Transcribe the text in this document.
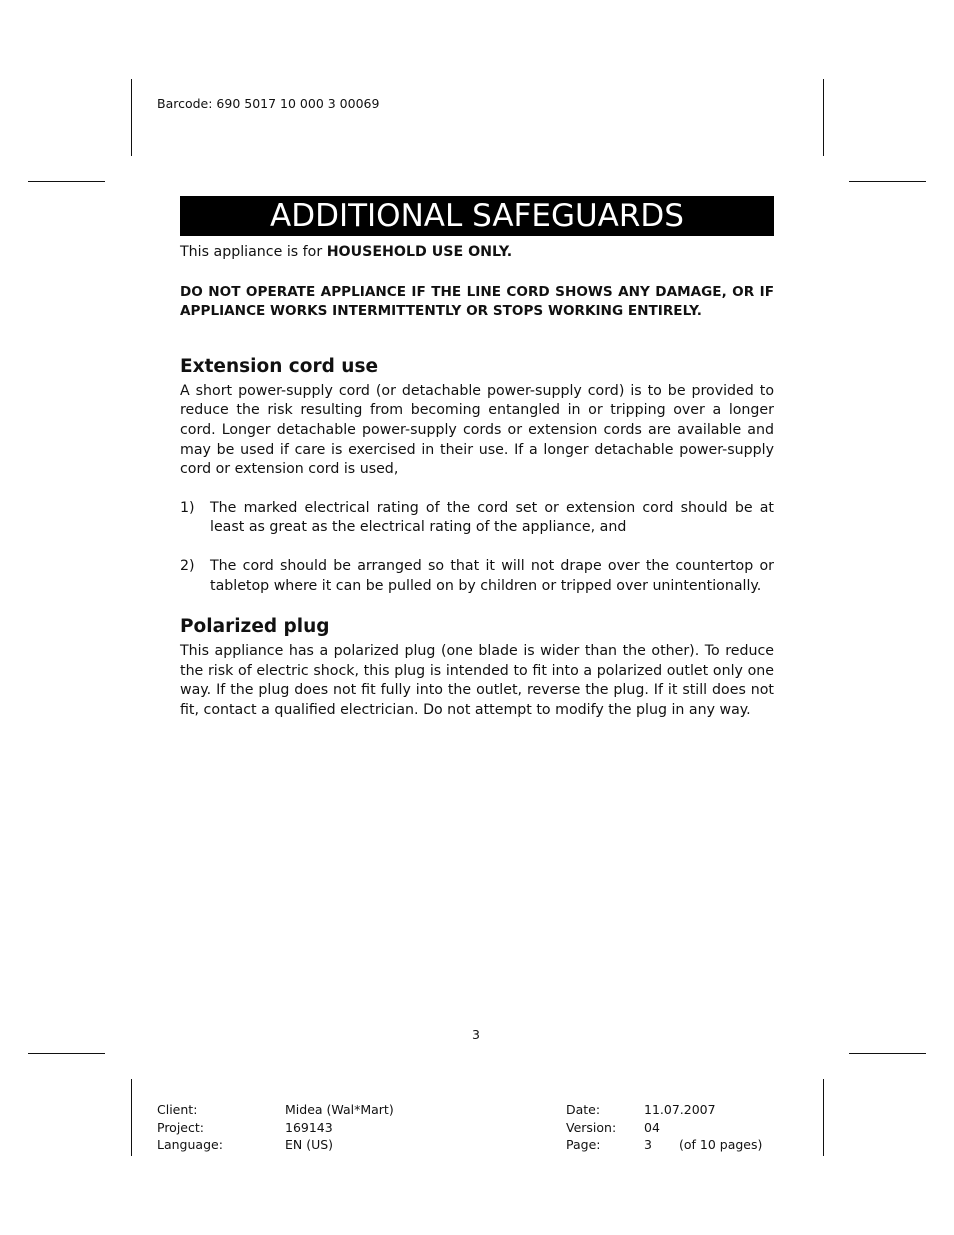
Barcode: 690 5017 10 000 3 00069
ADDITIONAL SAFEGUARDS

This appliance is for HOUSEHOLD USE ONLY.

DO NOT OPERATE APPLIANCE IF THE LINE CORD SHOWS ANY DAMAGE, OR IF APPLIANCE WORKS INTERMITTENTLY OR STOPS WORKING ENTIRELY.

Extension cord use

A short power-supply cord (or detachable power-supply cord) is to be provided to reduce the risk resulting from becoming entangled in or tripping over a longer cord. Longer detachable power-supply cords or extension cords are available and may be used if care is exercised in their use. If a longer detachable power-supply cord or extension cord is used,

1) The marked electrical rating of the cord set or extension cord should be at least as great as the electrical rating of the appliance, and
2) The cord should be arranged so that it will not drape over the countertop or tabletop where it can be pulled on by children or tripped over unintentionally.
Polarized plug

This appliance has a polarized plug (one blade is wider than the other). To reduce the risk of electric shock, this plug is intended to fit into a polarized outlet only one way. If the plug does not fit fully into the outlet, reverse the plug. If it still does not fit, contact a qualified electrician. Do not attempt to modify the plug in any way.

3
Client:	Midea (Wal*Mart)
Project:	169143
Language:	EN (US)
Date:	11.07.2007
Version:	04
Page:	3	(of 10 pages)
